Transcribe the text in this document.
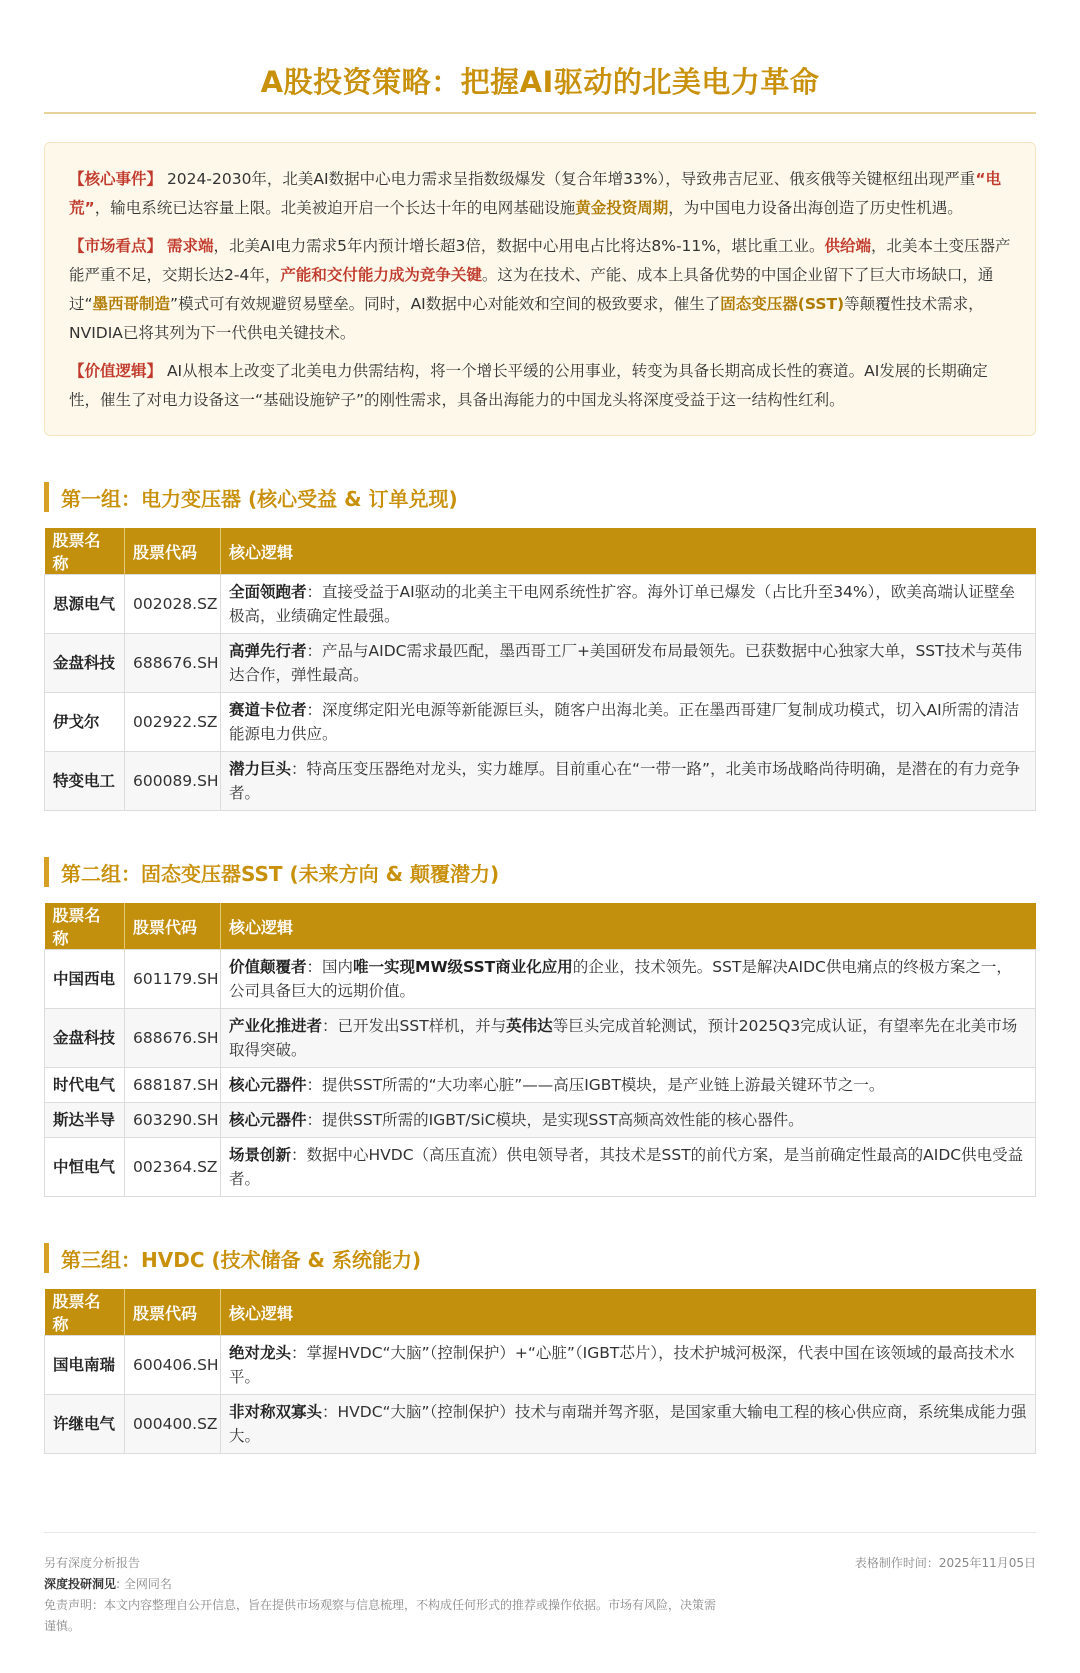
A股投资策略：把握AI驱动的北美电力革命

【核心事件】 2024-2030年，北美AI数据中心电力需求呈指数级爆发（复合年增33%），导致弗吉尼亚、俄亥俄等关键枢纽出现严重“电荒”，输电系统已达容量上限。北美被迫开启一个长达十年的电网基础设施黄金投资周期，为中国电力设备出海创造了历史性机遇。

【市场看点】 需求端，北美AI电力需求5年内预计增长超3倍，数据中心用电占比将达8%-11%，堪比重工业。供给端，北美本土变压器产能严重不足，交期长达2-4年，产能和交付能力成为竞争关键。这为在技术、产能、成本上具备优势的中国企业留下了巨大市场缺口，通过“墨西哥制造”模式可有效规避贸易壁垒。同时，AI数据中心对能效和空间的极致要求，催生了固态变压器(SST)等颠覆性技术需求，NVIDIA已将其列为下一代供电关键技术。

【价值逻辑】 AI从根本上改变了北美电力供需结构，将一个增长平缓的公用事业，转变为具备长期高成长性的赛道。AI发展的长期确定性，催生了对电力设备这一“基础设施铲子”的刚性需求，具备出海能力的中国龙头将深度受益于这一结构性红利。

第一组：电力变压器 (核心受益 & 订单兑现)
股票名称	股票代码	核心逻辑
思源电气	002028.SZ	全面领跑者：直接受益于AI驱动的北美主干电网系统性扩容。海外订单已爆发（占比升至34%），欧美高端认证壁垒极高，业绩确定性最强。
金盘科技	688676.SH	高弹先行者：产品与AIDC需求最匹配，墨西哥工厂+美国研发布局最领先。已获数据中心独家大单，SST技术与英伟达合作，弹性最高。
伊戈尔	002922.SZ	赛道卡位者：深度绑定阳光电源等新能源巨头，随客户出海北美。正在墨西哥建厂复制成功模式，切入AI所需的清洁能源电力供应。
特变电工	600089.SH	潜力巨头：特高压变压器绝对龙头，实力雄厚。目前重心在“一带一路”，北美市场战略尚待明确，是潜在的有力竞争者。
第二组：固态变压器SST (未来方向 & 颠覆潜力)
股票名称	股票代码	核心逻辑
中国西电	601179.SH	价值颠覆者：国内唯一实现MW级SST商业化应用的企业，技术领先。SST是解决AIDC供电痛点的终极方案之一，公司具备巨大的远期价值。
金盘科技	688676.SH	产业化推进者：已开发出SST样机，并与英伟达等巨头完成首轮测试，预计2025Q3完成认证，有望率先在北美市场取得突破。
时代电气	688187.SH	核心元器件：提供SST所需的“大功率心脏”——高压IGBT模块，是产业链上游最关键环节之一。
斯达半导	603290.SH	核心元器件：提供SST所需的IGBT/SiC模块，是实现SST高频高效性能的核心器件。
中恒电气	002364.SZ	场景创新：数据中心HVDC（高压直流）供电领导者，其技术是SST的前代方案，是当前确定性最高的AIDC供电受益者。
第三组：HVDC (技术储备 & 系统能力)
股票名称	股票代码	核心逻辑
国电南瑞	600406.SH	绝对龙头：掌握HVDC“大脑”（控制保护）+“心脏”（IGBT芯片），技术护城河极深，代表中国在该领域的最高技术水平。
许继电气	000400.SZ	非对称双寡头：HVDC“大脑”（控制保护）技术与南瑞并驾齐驱，是国家重大输电工程的核心供应商，系统集成能力强大。
另有深度分析报告
深度投研洞见: 全网同名
免责声明：本文内容整理自公开信息，旨在提供市场观察与信息梳理，不构成任何形式的推荐或操作依据。市场有风险，决策需谨慎。
表格制作时间：2025年11月05日
